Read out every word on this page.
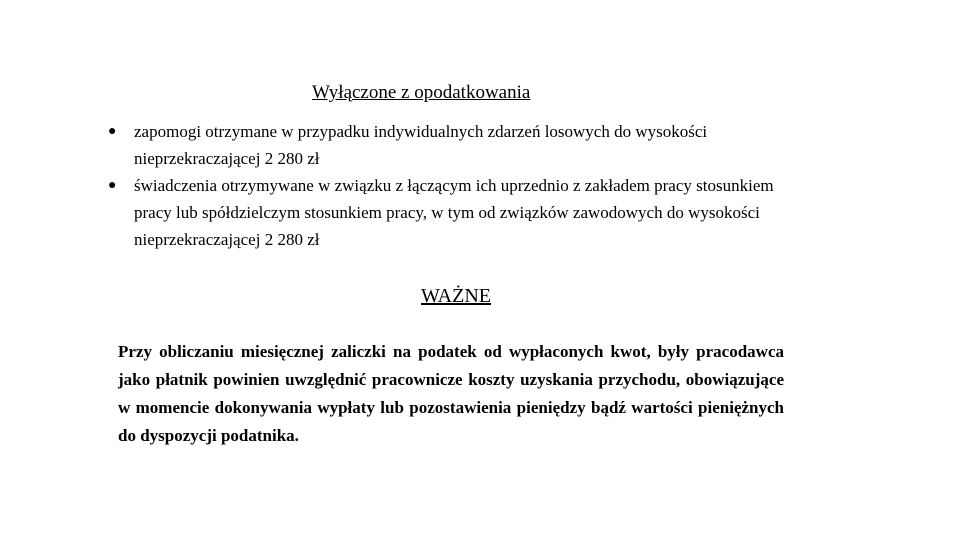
Wyłączone z opodatkowania
● zapomogi otrzymane w przypadku indywidualnych zdarzeń losowych do wysokości nieprzekraczającej 2 280 zł
● świadczenia otrzymywane w związku z łączącym ich uprzednio z zakładem pracy stosunkiem pracy lub spółdzielczym stosunkiem pracy, w tym od związków zawodowych do wysokości nieprzekraczającej 2 280 zł
WAŻNE

Przy obliczaniu miesięcznej zaliczki na podatek od wypłaconych kwot, były pracodawca jako płatnik powinien uwzględnić pracownicze koszty uzyskania przychodu, obowiązujące w momencie dokonywania wypłaty lub pozostawienia pieniędzy bądź wartości pieniężnych do dyspozycji podatnika.
